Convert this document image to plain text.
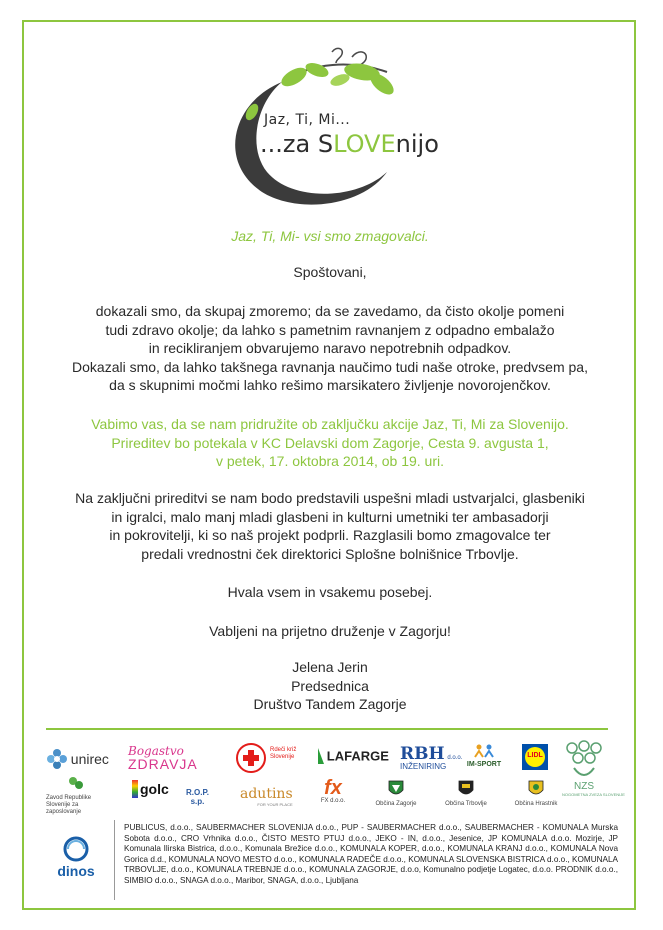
Jaz, Ti, Mi...
...za SLOVEnijo

Jaz, Ti, Mi- vsi smo zmagovalci.

Spoštovani,

dokazali smo, da skupaj zmoremo; da se zavedamo, da čisto okolje pomeni

tudi zdravo okolje; da lahko s pametnim ravnanjem z odpadno embalažo

in recikliranjem obvarujemo naravo nepotrebnih odpadkov.

Dokazali smo, da lahko takšnega ravnanja naučimo tudi naše otroke, predvsem pa,

da s skupnimi močmi lahko rešimo marsikatero življenje novorojenčkov.

Vabimo vas, da se nam pridružite ob zaključku akcije Jaz, Ti, Mi za Slovenijo.

Prireditev bo potekala v KC Delavski dom Zagorje, Cesta 9. avgusta 1,

v petek, 17. oktobra 2014, ob 19. uri.

Na zaključni prireditvi se nam bodo predstavili uspešni mladi ustvarjalci, glasbeniki

in igralci, malo manj mladi glasbeni in kulturni umetniki ter ambasadorji

in pokrovitelji, ki so naš projekt podprli. Razglasili bomo zmagovalce ter

predali vrednostni ček direktorici Splošne bolnišnice Trbovlje.

Hvala vsem in vsakemu posebej.

Vabljeni na prijetno druženje v Zagorju!

Jelena Jerin

Predsednica

Društvo Tandem Zagorje

unirec Bogastvo
ZDRAVJA
Rdeči križ Slovenije	LAFARGE RBH d.o.o.
INŽENIRING	IM-SPORT
LIDL
NZS
NOGOMETNA ZVEZA SLOVENIJE
Zavod Republike Slovenije za zaposlovanje
golc R.O.P.
s.p.	adutins
FOR YOUR PLACE
fx
FX d.o.o.	Občina Zagorje	Občina Trbovlje	Občina Hrastnik
dinos
PUBLICUS, d.o.o., SAUBERMACHER SLOVENIJA d.o.o., PUP - SAUBERMACHER d.o.o., SAUBERMACHER - KOMUNALA Murska Sobota d.o.o., CRO Vrhnika d.o.o., ČISTO MESTO PTUJ d.o.o., JEKO - IN, d.o.o., Jesenice, JP KOMUNALA d.o.o. Mozirje, JP Komunala Ilirska Bistrica, d.o.o., Komunala Brežice d.o.o., KOMUNALA KOPER, d.o.o., KOMUNALA KRANJ d.o.o., KOMUNALA Nova Gorica d.d., KOMUNALA NOVO MESTO d.o.o., KOMUNALA RADEČE d.o.o., KOMUNALA SLOVENSKA BISTRICA d.o.o., KOMUNALA TRBOVLJE, d.o.o., KOMUNALA TREBNJE d.o.o., KOMUNALA ZAGORJE, d.o.o, Komunalno podjetje Logatec, d.o.o. PRODNIK d.o.o., SIMBIO d.o.o., SNAGA d.o.o., Maribor, SNAGA, d.o.o., Ljubljana
